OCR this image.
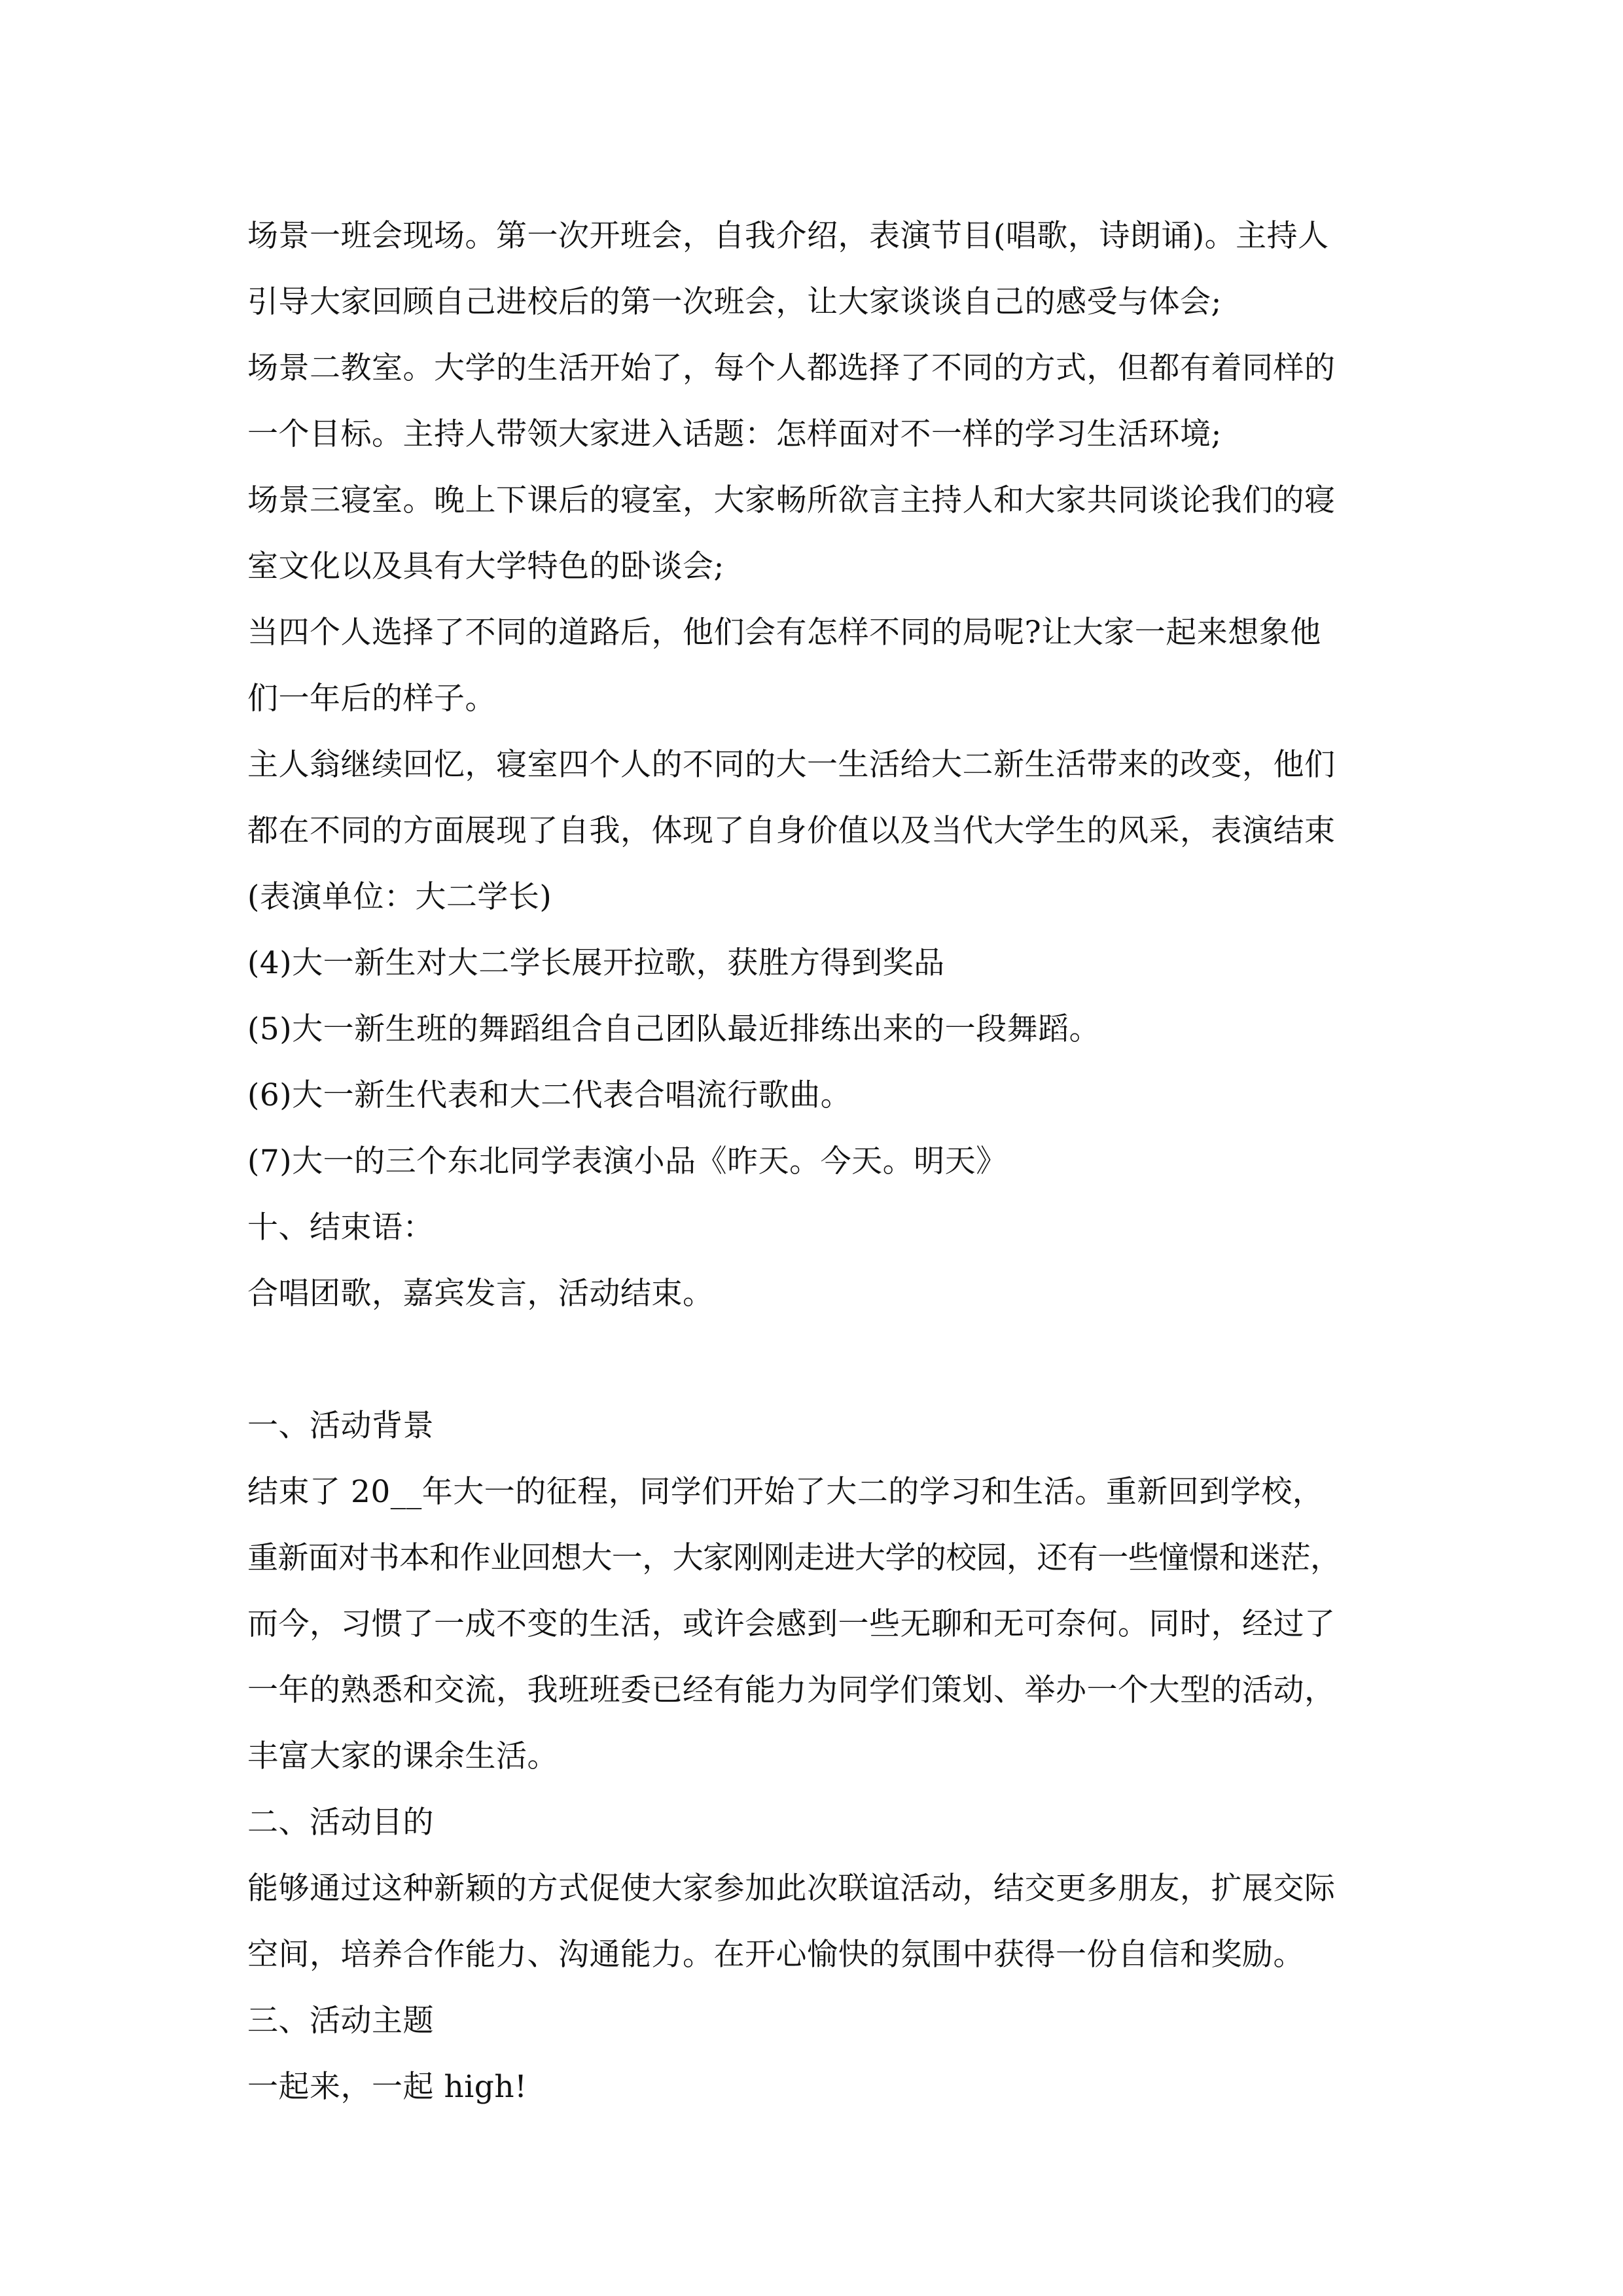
场景一班会现场。第一次开班会，自我介绍，表演节目(唱歌，诗朗诵)。主持人
引导大家回顾自己进校后的第一次班会，让大家谈谈自己的感受与体会;
场景二教室。大学的生活开始了，每个人都选择了不同的方式，但都有着同样的
一个目标。主持人带领大家进入话题：怎样面对不一样的学习生活环境;
场景三寝室。晚上下课后的寝室，大家畅所欲言主持人和大家共同谈论我们的寝
室文化以及具有大学特色的卧谈会;
当四个人选择了不同的道路后，他们会有怎样不同的局呢?让大家一起来想象他
们一年后的样子。
主人翁继续回忆，寝室四个人的不同的大一生活给大二新生活带来的改变，他们
都在不同的方面展现了自我，体现了自身价值以及当代大学生的风采，表演结束
(表演单位：大二学长)
(4)大一新生对大二学长展开拉歌，获胜方得到奖品
(5)大一新生班的舞蹈组合自己团队最近排练出来的一段舞蹈。
(6)大一新生代表和大二代表合唱流行歌曲。
(7)大一的三个东北同学表演小品《昨天。今天。明天》
十、结束语：
合唱团歌，嘉宾发言，活动结束。
一、活动背景
结束了 20__年大一的征程，同学们开始了大二的学习和生活。重新回到学校，
重新面对书本和作业回想大一，大家刚刚走进大学的校园，还有一些憧憬和迷茫，
而今，习惯了一成不变的生活，或许会感到一些无聊和无可奈何。同时，经过了
一年的熟悉和交流，我班班委已经有能力为同学们策划、举办一个大型的活动，
丰富大家的课余生活。
二、活动目的
能够通过这种新颖的方式促使大家参加此次联谊活动，结交更多朋友，扩展交际
空间，培养合作能力、沟通能力。在开心愉快的氛围中获得一份自信和奖励。
三、活动主题
一起来，一起 high!
